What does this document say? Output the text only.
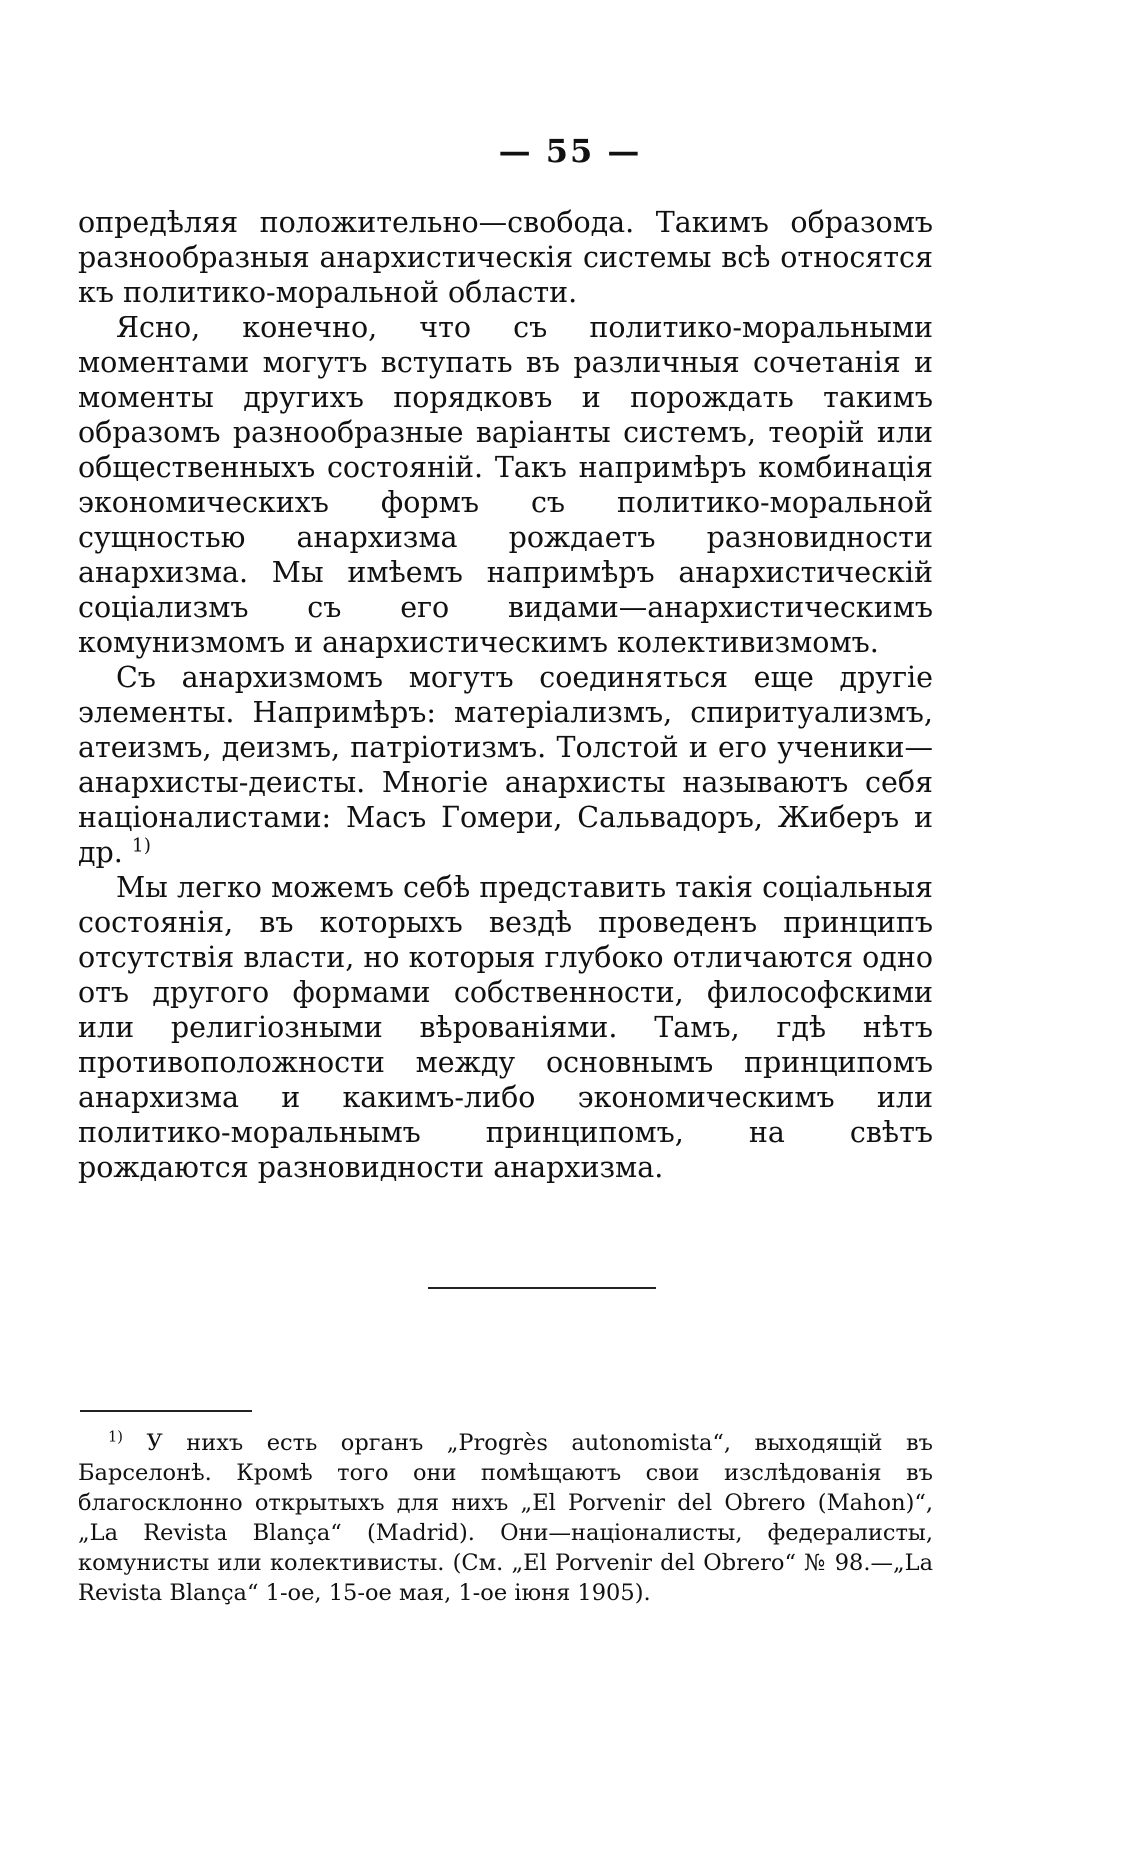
— 55 —

опредѣляя положительно—свобода. Такимъ образомъ разнообразныя анархистическія системы всѣ относятся къ политико-моральной области.

Ясно, конечно, что съ политико-моральными моментами могутъ вступать въ различныя сочетанія и моменты другихъ порядковъ и порождать такимъ образомъ разнообразные варіанты системъ, теорій или общественныхъ состояній. Такъ напримѣръ комбинація экономическихъ формъ съ политико-моральной сущностью анархизма рождаетъ разновидности анархизма. Мы имѣемъ напримѣръ анархистическій соціализмъ съ его видами—анархистическимъ комунизмомъ и анархистическимъ колективизмомъ.

Съ анархизмомъ могутъ соединяться еще другіе элементы. Напримѣръ: матеріализмъ, спиритуализмъ, атеизмъ, деизмъ, патріотизмъ. Толстой и его ученики—анархисты-деисты. Многіе анархисты называютъ себя націоналистами: Масъ Гомери, Сальвадоръ, Жиберъ и др. $^{1)}$

Мы легко можемъ себѣ представить такія соціальныя состоянія, въ которыхъ вездѣ проведенъ принципъ отсутствія власти, но которыя глубоко отличаются одно отъ другого формами собственности, философскими или религіозными вѣрованіями. Тамъ, гдѣ нѣтъ противоположности между основнымъ принципомъ анархизма и какимъ-либо экономическимъ или политико-моральнымъ принципомъ, на свѣтъ рождаются разновидности анархизма.

$^{1)}$ У нихъ есть органъ „Progrès autonomista“, выходящій въ Барселонѣ. Кромѣ того они помѣщаютъ свои изслѣдованія въ благосклонно открытыхъ для нихъ „El Porvenir del Obrero (Mahon)“, „La Revista Blança“ (Madrid). Они—націоналисты, федералисты, комунисты или колективисты. (См. „El Porvenir del Obrero“ № 98.—„La Revista Blança“ 1-ое, 15-ое мая, 1-ое іюня 1905).
